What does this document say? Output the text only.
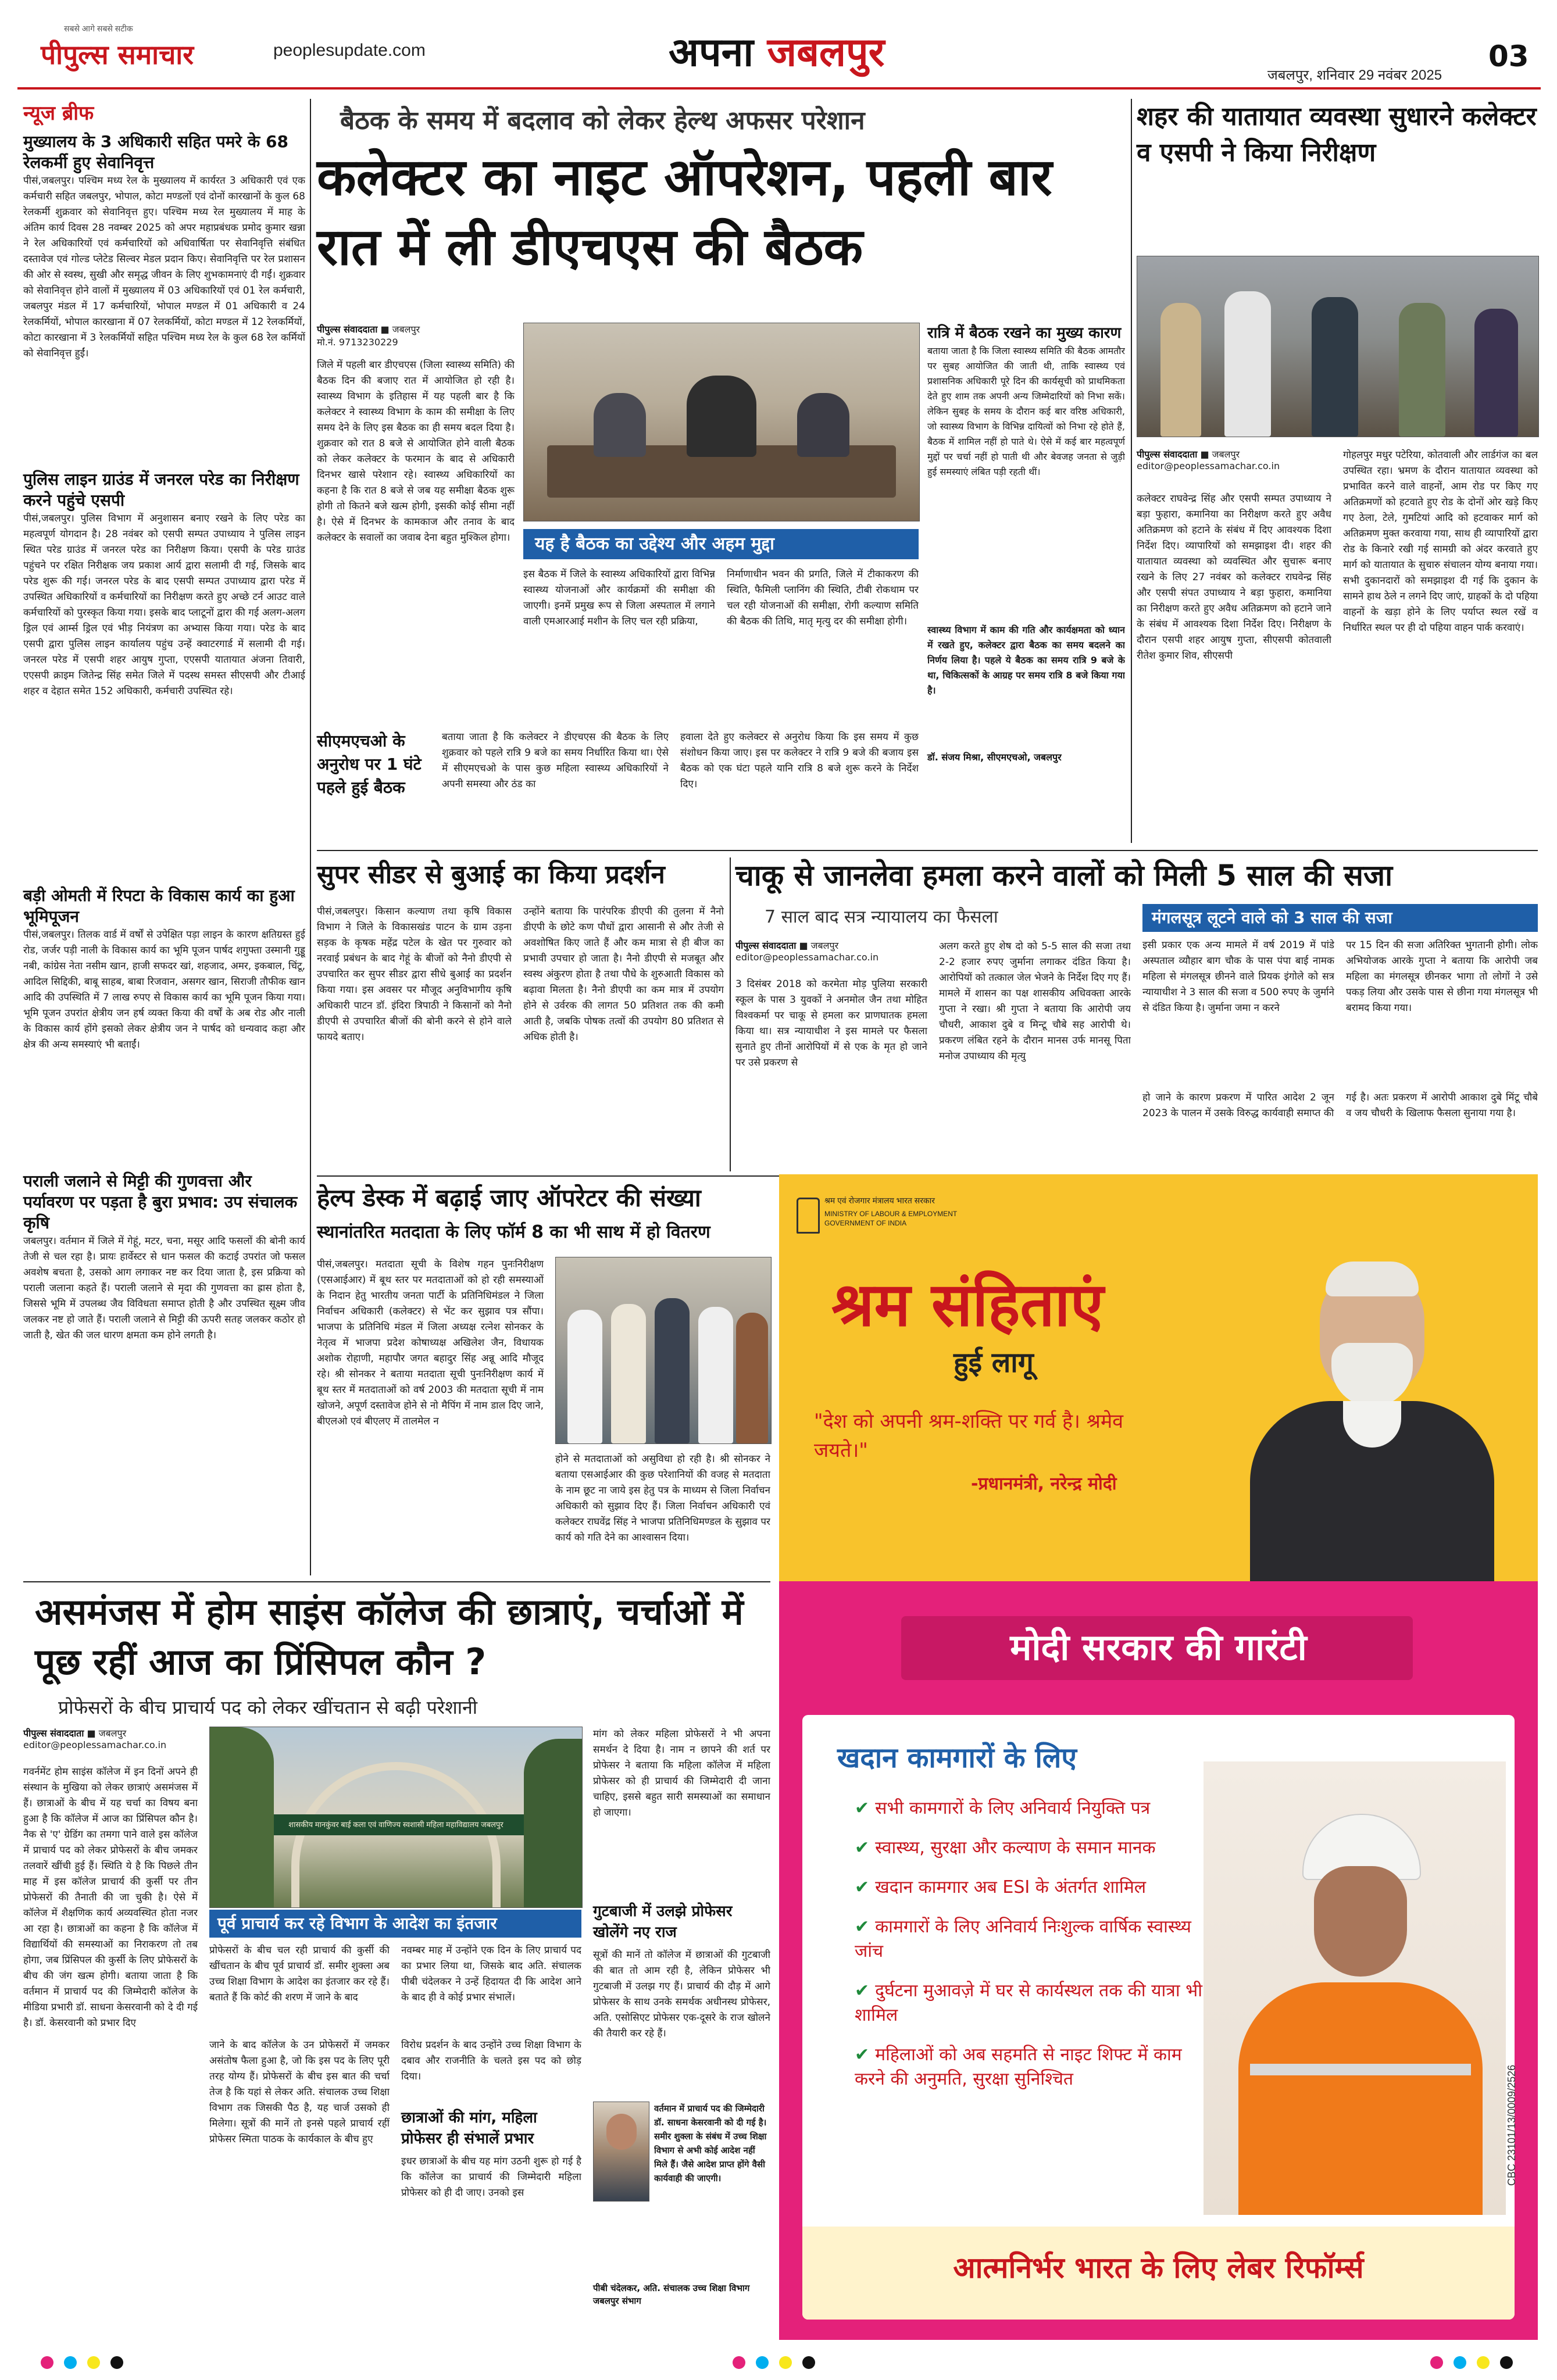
पीपुल्स समाचार
सबसे आगे सबसे सटीक
peoplesupdate.com	अपना जबलपुर	जबलपुर, शनिवार 29 नवंबर 2025
03
न्यूज ब्रीफ
मुख्यालय के 3 अधिकारी सहित पमरे के 68 रेलकर्मी हुए सेवानिवृत्त
पीसं,जबलपुर। पश्चिम मध्य रेल के मुख्यालय में कार्यरत 3 अधिकारी एवं एक कर्मचारी सहित जबलपुर, भोपाल, कोटा मण्डलों एवं दोनों कारखानों के कुल 68 रेलकर्मी शुक्रवार को सेवानिवृत्त हुए। पश्चिम मध्य रेल मुख्यालय में माह के अंतिम कार्य दिवस 28 नवम्बर 2025 को अपर महाप्रबंधक प्रमोद कुमार खन्ना ने रेल अधिकारियों एवं कर्मचारियों को अधिवार्षिता पर सेवानिवृत्ति संबंधित दस्तावेज एवं गोल्ड प्लेटेड सिल्वर मेडल प्रदान किए। सेवानिवृत्ति पर रेल प्रशासन की ओर से स्वस्थ, सुखी और समृद्ध जीवन के लिए शुभकामनाएं दी गईं। शुक्रवार को सेवानिवृत्त होने वालों में मुख्यालय में 03 अधिकारियों एवं 01 रेल कर्मचारी, जबलपुर मंडल में 17 कर्मचारियों, भोपाल मण्डल में 01 अधिकारी व 24 रेलकर्मियों, भोपाल कारखाना में 07 रेलकर्मियों, कोटा मण्डल में 12 रेलकर्मियों, कोटा कारखाना में 3 रेलकर्मियों सहित पश्चिम मध्य रेल के कुल 68 रेल कर्मियों को सेवानिवृत्त हुईं।
पुलिस लाइन ग्राउंड में जनरल परेड का निरीक्षण करने पहुंचे एसपी
पीसं,जबलपुर। पुलिस विभाग में अनुशासन बनाए रखने के लिए परेड का महत्वपूर्ण योगदान है। 28 नवंबर को एसपी सम्पत उपाध्याय ने पुलिस लाइन स्थित परेड ग्राउंड में जनरल परेड का निरीक्षण किया। एसपी के परेड ग्राउंड पहुंचने पर रक्षित निरीक्षक जय प्रकाश आर्य द्वारा सलामी दी गई, जिसके बाद परेड शुरू की गई। जनरल परेड के बाद एसपी सम्पत उपाध्याय द्वारा परेड में उपस्थित अधिकारियों व कर्मचारियों का निरीक्षण करते हुए अच्छे टर्न आउट वाले कर्मचारियों को पुरस्कृत किया गया। इसके बाद प्लाटूनों द्वारा की गई अलग-अलग ड्रिल एवं आर्म्स ड्रिल एवं भीड़ नियंत्रण का अभ्यास किया गया। परेड के बाद एसपी द्वारा पुलिस लाइन कार्यालय पहुंच उन्हें क्वाटरगार्ड में सलामी दी गई। जनरल परेड में एसपी शहर आयुष गुप्ता, एएसपी यातायात अंजना तिवारी, एएसपी क्राइम जितेन्द्र सिंह समेत जिले में पदस्थ समस्त सीएसपी और टीआई शहर व देहात समेत 152 अधिकारी, कर्मचारी उपस्थित रहे।
बड़ी ओमती में रिपटा के विकास कार्य का हुआ भूमिपूजन
पीसं,जबलपुर। तिलक वार्ड में वर्षों से उपेक्षित पड़ा लाइन के कारण क्षतिग्रस्त हुई रोड, जर्जर पड़ी नाली के विकास कार्य का भूमि पूजन पार्षद शगुफ्ता उस्मानी गुड्डू नबी, कांग्रेस नेता नसीम खान, हाजी सफदर खां, शहजाद, अमर, इकबाल, चिंटू, आदिल सिद्दिकी, बाबू साहब, बाबा रिजवान, असगर खान, सिराजी तौफीक खान आदि की उपस्थिति में 7 लाख रुपए से विकास कार्य का भूमि पूजन किया गया। भूमि पूजन उपरांत क्षेत्रीय जन हर्ष व्यक्त किया की वर्षों के अब रोड और नाली के विकास कार्य होंगे इसको लेकर क्षेत्रीय जन ने पार्षद को धन्यवाद कहा और क्षेत्र की अन्य समस्याएं भी बताईं।
पराली जलाने से मिट्टी की गुणवत्ता और पर्यावरण पर पड़ता है बुरा प्रभाव: उप संचालक कृषि
जबलपुर। वर्तमान में जिले में गेहूं, मटर, चना, मसूर आदि फसलों की बोनी कार्य तेजी से चल रहा है। प्रायः हार्वेस्टर से धान फसल की कटाई उपरांत जो फसल अवशेष बचता है, उसको आग लगाकर नष्ट कर दिया जाता है, इस प्रक्रिया को पराली जलाना कहते हैं। पराली जलाने से मृदा की गुणवत्ता का ह्रास होता है, जिससे भूमि में उपलब्ध जैव विविधता समाप्त होती है और उपस्थित सूक्ष्म जीव जलकर नष्ट हो जाते हैं। पराली जलाने से मिट्टी की ऊपरी सतह जलकर कठोर हो जाती है, खेत की जल धारण क्षमता कम होने लगती है।
बैठक के समय में बदलाव को लेकर हेल्थ अफसर परेशान
कलेक्टर का नाइट ऑपरेशन, पहली बार रात में ली डीएचएस की बैठक
पीपुल्स संवाददाता ■ जबलपुर
मो.नं. 9713230229
जिले में पहली बार डीएचएस (जिला स्वास्थ्य समिति) की बैठक दिन की बजाए रात में आयोजित हो रही है। स्वास्थ्य विभाग के इतिहास में यह पहली बार है कि कलेक्टर ने स्वास्थ्य विभाग के काम की समीक्षा के लिए समय देने के लिए इस बैठक का ही समय बदल दिया है। शुक्रवार को रात 8 बजे से आयोजित होने वाली बैठक को लेकर कलेक्टर के फरमान के बाद से अधिकारी दिनभर खासे परेशान रहे। स्वास्थ्य अधिकारियों का कहना है कि रात 8 बजे से जब यह समीक्षा बैठक शुरू होगी तो कितने बजे खत्म होगी, इसकी कोई सीमा नहीं है। ऐसे में दिनभर के कामकाज और तनाव के बाद कलेक्टर के सवालों का जवाब देना बहुत मुश्किल होगा।
रात्रि में बैठक रखने का मुख्य कारण
बताया जाता है कि जिला स्वास्थ्य समिति की बैठक आमतौर पर सुबह आयोजित की जाती थी, ताकि स्वास्थ्य एवं प्रशासनिक अधिकारी पूरे दिन की कार्यसूची को प्राथमिकता देते हुए शाम तक अपनी अन्य जिम्मेदारियों को निभा सकें। लेकिन सुबह के समय के दौरान कई बार वरिष्ठ अधिकारी, जो स्वास्थ्य विभाग के विभिन्न दायित्वों को निभा रहे होते हैं, बैठक में शामिल नहीं हो पाते थे। ऐसे में कई बार महत्वपूर्ण मुद्दों पर चर्चा नहीं हो पाती थी और बेवजह जनता से जुड़ी हुई समस्याएं लंबित पड़ी रहती थीं।
स्वास्थ्य विभाग में काम की गति और कार्यक्षमता को ध्यान में रखते हुए, कलेक्टर द्वारा बैठक का समय बदलने का निर्णय लिया है। पहले ये बैठक का समय रात्रि 9 बजे के था, चिकित्सकों के आग्रह पर समय रात्रि 8 बजे किया गया है।
डॉ. संजय मिश्रा, सीएमएचओ, जबलपुर
यह है बैठक का उद्देश्य और अहम मुद्दा
इस बैठक में जिले के स्वास्थ्य अधिकारियों द्वारा विभिन्न स्वास्थ्य योजनाओं और कार्यक्रमों की समीक्षा की जाएगी। इनमें प्रमुख रूप से जिला अस्पताल में लगाने वाली एमआरआई मशीन के लिए चल रही प्रक्रिया,
निर्माणाधीन भवन की प्रगति, जिले में टीकाकरण की स्थिति, फैमिली प्लानिंग की स्थिति, टीबी रोकथाम पर चल रही योजनाओं की समीक्षा, रोगी कल्याण समिति की बैठक की तिथि, मातृ मृत्यु दर की समीक्षा होगी।
सीएमएचओ के अनुरोध पर 1 घंटे पहले हुई बैठक
बताया जाता है कि कलेक्टर ने डीएचएस की बैठक के लिए शुक्रवार को पहले रात्रि 9 बजे का समय निर्धारित किया था। ऐसे में सीएमएचओ के पास कुछ महिला स्वास्थ्य अधिकारियों ने अपनी समस्या और ठंड का
हवाला देते हुए कलेक्टर से अनुरोध किया कि इस समय में कुछ संशोधन किया जाए। इस पर कलेक्टर ने रात्रि 9 बजे की बजाय इस बैठक को एक घंटा पहले यानि रात्रि 8 बजे शुरू करने के निर्देश दिए।
शहर की यातायात व्यवस्था सुधारने कलेक्टर व एसपी ने किया निरीक्षण
पीपुल्स संवाददाता ■ जबलपुर
editor@peoplessamachar.co.in
कलेक्टर राघवेन्द्र सिंह और एसपी सम्पत उपाध्याय ने बड़ा फुहारा, कमानिया का निरीक्षण करते हुए अवैध अतिक्रमण को हटाने के संबंध में दिए आवश्यक दिशा निर्देश दिए। व्यापारियों को समझाइश दी। शहर की यातायात व्यवस्था को व्यवस्थित और सुचारू बनाए रखने के लिए 27 नवंबर को कलेक्टर राघवेन्द्र सिंह और एसपी संपत उपाध्याय ने बड़ा फुहारा, कमानिया का निरीक्षण करते हुए अवैध अतिक्रमण को हटाने जाने के संबंध में आवश्यक दिशा निर्देश दिए। निरीक्षण के दौरान एसपी शहर आयुष गुप्ता, सीएसपी कोतवाली रीतेश कुमार शिव, सीएसपी
गोहलपुर मधुर पटेरिया, कोतवाली और लार्डगंज का बल उपस्थित रहा। भ्रमण के दौरान यातायात व्यवस्था को प्रभावित करने वाले वाहनों, आम रोड पर किए गए अतिक्रमणों को हटवाते हुए रोड के दोनों ओर खड़े किए गए ठेला, टेले, गुमटियां आदि को हटवाकर मार्ग को अतिक्रमण मुक्त करवाया गया, साथ ही व्यापारियों द्वारा रोड के किनारे रखी गई सामग्री को अंदर करवाते हुए मार्ग को यातायात के सुचारु संचालन योग्य बनाया गया। सभी दुकानदारों को समझाइश दी गई कि दुकान के सामने हाथ ठेले न लगने दिए जाएं, ग्राहकों के दो पहिया वाहनों के खड़ा होने के लिए पर्याप्त स्थल रखें व निर्धारित स्थल पर ही दो पहिया वाहन पार्क करवाएं।
सुपर सीडर से बुआई का किया प्रदर्शन
पीसं,जबलपुर। किसान कल्याण तथा कृषि विकास विभाग ने जिले के विकासखंड पाटन के ग्राम उड़ना सड़क के कृषक महेंद्र पटेल के खेत पर गुरुवार को नरवाई प्रबंधन के बाद गेहूं के बीजों को नैनो डीएपी से उपचारित कर सुपर सीडर द्वारा सीधे बुआई का प्रदर्शन किया गया। इस अवसर पर मौजूद अनुविभागीय कृषि अधिकारी पाटन डॉ. इंदिरा त्रिपाठी ने किसानों को नैनो डीएपी से उपचारित बीजों की बोनी करने से होने वाले फायदे बताए।
उन्होंने बताया कि पारंपरिक डीएपी की तुलना में नैनो डीएपी के छोटे कण पौधों द्वारा आसानी से और तेजी से अवशोषित किए जाते हैं और कम मात्रा से ही बीज का प्रभावी उपचार हो जाता है। नैनो डीएपी से मजबूत और स्वस्थ अंकुरण होता है तथा पौधे के शुरुआती विकास को बढ़ावा मिलता है। नैनो डीएपी का कम मात्र में उपयोग होने से उर्वरक की लागत 50 प्रतिशत तक की कमी आती है, जबकि पोषक तत्वों की उपयोग 80 प्रतिशत से अधिक होती है।
चाकू से जानलेवा हमला करने वालों को मिली 5 साल की सजा
7 साल बाद सत्र न्यायालय का फैसला
पीपुल्स संवाददाता ■ जबलपुर
editor@peoplessamachar.co.in
3 दिसंबर 2018 को करमेता मोड़ पुलिया सरकारी स्कूल के पास 3 युवकों ने अनमोल जैन तथा मोहित विश्वकर्मा पर चाकू से हमला कर प्राणघातक हमला किया था। सत्र न्यायाधीश ने इस मामले पर फैसला सुनाते हुए तीनों आरोपियों में से एक के मृत हो जाने पर उसे प्रकरण से
अलग करते हुए शेष दो को 5-5 साल की सजा तथा 2-2 हजार रुपए जुर्माना लगाकर दंडित किया है। आरोपियों को तत्काल जेल भेजने के निर्देश दिए गए हैं। मामले में शासन का पक्ष शासकीय अधिवक्ता आरके गुप्ता ने रखा। श्री गुप्ता ने बताया कि आरोपी जय चौधरी, आकाश दुबे व मिन्टू चौबे सह आरोपी थे। प्रकरण लंबित रहने के दौरान मानस उर्फ मानसू पिता मनोज उपाध्याय की मृत्यु
मंगलसूत्र लूटने वाले को 3 साल की सजा
इसी प्रकार एक अन्य मामले में वर्ष 2019 में पांडे अस्पताल व्यौहार बाग चौक के पास पंपा बाई नामक महिला से मंगलसूत्र छीनने वाले प्रियक इंगोले को सत्र न्यायाधीश ने 3 साल की सजा व 500 रुपए के जुर्माने से दंडित किया है। जुर्माना जमा न करने
पर 15 दिन की सजा अतिरिक्त भुगतानी होगी। लोक अभियोजक आरके गुप्ता ने बताया कि आरोपी जब महिला का मंगलसूत्र छीनकर भागा तो लोगों ने उसे पकड़ लिया और उसके पास से छीना गया मंगलसूत्र भी बरामद किया गया।
हो जाने के कारण प्रकरण में पारित आदेश 2 जून 2023 के पालन में उसके विरुद्ध कार्यवाही समाप्त की
गई है। अतः प्रकरण में आरोपी आकाश दुबे मिंटू चौबे व जय चौधरी के खिलाफ फैसला सुनाया गया है।
हेल्प डेस्क में बढ़ाई जाए ऑपरेटर की संख्या
स्थानांतरित मतदाता के लिए फॉर्म 8 का भी साथ में हो वितरण
पीसं,जबलपुर। मतदाता सूची के विशेष गहन पुनःनिरीक्षण (एसआईआर) में बूथ स्तर पर मतदाताओं को हो रही समस्याओं के निदान हेतु भारतीय जनता पार्टी के प्रतिनिधिमंडल ने जिला निर्वाचन अधिकारी (कलेक्टर) से भेंट कर सुझाव पत्र सौंपा। भाजपा के प्रतिनिधि मंडल में जिला अध्यक्ष रत्नेश सोनकर के नेतृत्व में भाजपा प्रदेश कोषाध्यक्ष अखिलेश जैन, विधायक अशोक रोहाणी, महापौर जगत बहादुर सिंह अन्नू आदि मौजूद रहे। श्री सोनकर ने बताया मतदाता सूची पुनःनिरीक्षण कार्य में बूथ स्तर में मतदाताओं को वर्ष 2003 की मतदाता सूची में नाम खोजने, अपूर्ण दस्तावेज होने से नो मैपिंग में नाम डाल दिए जाने, बीएलओ एवं बीएलए में तालमेल न
होने से मतदाताओं को असुविधा हो रही है। श्री सोनकर ने बताया एसआईआर की कुछ परेशानियों की वजह से मतदाता के नाम छूट ना जाये इस हेतु पत्र के माध्यम से जिला निर्वाचन अधिकारी को सुझाव दिए हैं। जिला निर्वाचन अधिकारी एवं कलेक्टर राघवेंद्र सिंह ने भाजपा प्रतिनिधिमण्डल के सुझाव पर कार्य को गति देने का आश्वासन दिया।
श्रम एवं रोजगार मंत्रालय भारत सरकार
MINISTRY OF LABOUR & EMPLOYMENT GOVERNMENT OF INDIA
श्रम संहिताएं
हुई लागू
"देश को अपनी श्रम-शक्ति पर गर्व है। श्रमेव जयते।"
-प्रधानमंत्री, नरेन्द्र मोदी
मोदी सरकार की गारंटी
खदान कामगारों के लिए
✔ सभी कामगारों के लिए अनिवार्य नियुक्ति पत्र
✔ स्वास्थ्य, सुरक्षा और कल्याण के समान मानक
✔ खदान कामगार अब ESI के अंतर्गत शामिल
✔ कामगारों के लिए अनिवार्य निःशुल्क वार्षिक स्वास्थ्य जांच
✔ दुर्घटना मुआवज़े में घर से कार्यस्थल तक की यात्रा भी शामिल
✔ महिलाओं को अब सहमति से नाइट शिफ्ट में काम करने की अनुमति, सुरक्षा सुनिश्चित
आत्मनिर्भर भारत के लिए लेबर रिफॉर्म्स
CBC 23101/13/0009/2526
असमंजस में होम साइंस कॉलेज की छात्राएं, चर्चाओं में पूछ रहीं आज का प्रिंसिपल कौन ?
प्रोफेसरों के बीच प्राचार्य पद को लेकर खींचतान से बढ़ी परेशानी
पीपुल्स संवाददाता ■ जबलपुर
editor@peoplessamachar.co.in
गवर्नमेंट होम साइंस कॉलेज में इन दिनों अपने ही संस्थान के मुखिया को लेकर छात्राएं असमंजस में हैं। छात्राओं के बीच में यह चर्चा का विषय बना हुआ है कि कॉलेज में आज का प्रिंसिपल कौन है। नैक से 'ए' ग्रेडिंग का तमगा पाने वाले इस कॉलेज में प्राचार्य पद को लेकर प्रोफेसरों के बीच जमकर तलवारें खींची हुई हैं। स्थिति ये है कि पिछले तीन माह में इस कॉलेज प्राचार्य की कुर्सी पर तीन प्रोफेसरों की तैनाती की जा चुकी है। ऐसे में कॉलेज में शैक्षणिक कार्य अव्यवस्थित होता नजर आ रहा है। छात्राओं का कहना है कि कॉलेज में विद्यार्थियों की समस्याओं का निराकरण तो तब होगा, जब प्रिंसिपल की कुर्सी के लिए प्रोफेसरों के बीच की जंग खत्म होगी। बताया जाता है कि वर्तमान में प्राचार्य पद की जिम्मेदारी कॉलेज के मीडिया प्रभारी डॉ. साधना केसरवानी को दे दी गई है। डॉ. केसरवानी को प्रभार दिए
शासकीय मानकुंवर बाई कला एवं वाणिज्य स्वशासी महिला महाविद्यालय जबलपुर
पूर्व प्राचार्य कर रहे विभाग के आदेश का इंतजार
प्रोफेसरों के बीच चल रही प्राचार्य की कुर्सी की खींचतान के बीच पूर्व प्राचार्य डॉ. समीर शुक्ला अब उच्च शिक्षा विभाग के आदेश का इंतजार कर रहे हैं। बताते हैं कि कोर्ट की शरण में जाने के बाद
नवम्बर माह में उन्होंने एक दिन के लिए प्राचार्य पद का प्रभार लिया था, जिसके बाद अति. संचालक पीबी चंदेलकर ने उन्हें हिदायत दी कि आदेश आने के बाद ही वे कोई प्रभार संभालें।
जाने के बाद कॉलेज के उन प्रोफेसरों में जमकर असंतोष फैला हुआ है, जो कि इस पद के लिए पूरी तरह योग्य हैं। प्रोफेसरों के बीच इस बात की चर्चा तेज है कि यहां से लेकर अति. संचालक उच्च शिक्षा विभाग तक जिसकी पैठ है, यह चार्ज उसको ही मिलेगा। सूत्रों की मानें तो इनसे पहले प्राचार्य रहीं प्रोफेसर स्मिता पाठक के कार्यकाल के बीच हुए
विरोध प्रदर्शन के बाद उन्होंने उच्च शिक्षा विभाग के दबाव और राजनीति के चलते इस पद को छोड़ दिया।
छात्राओं की मांग, महिला प्रोफेसर ही संभालें प्रभार
इधर छात्राओं के बीच यह मांग उठनी शुरू हो गई है कि कॉलेज का प्राचार्य की जिम्मेदारी महिला प्रोफेसर को ही दी जाए। उनको इस
मांग को लेकर महिला प्रोफेसरों ने भी अपना समर्थन दे दिया है। नाम न छापने की शर्त पर प्रोफेसर ने बताया कि महिला कॉलेज में महिला प्रोफेसर को ही प्राचार्य की जिम्मेदारी दी जाना चाहिए, इससे बहुत सारी समस्याओं का समाधान हो जाएगा।
गुटबाजी में उलझे प्रोफेसर खोलेंगे नए राज
सूत्रों की मानें तो कॉलेज में छात्राओं की गुटबाजी की बात तो आम रही है, लेकिन प्रोफेसर भी गुटबाजी में उलझ गए हैं। प्राचार्य की दौड़ में आगे प्रोफेसर के साथ उनके समर्थक अधीनस्थ प्रोफेसर, अति. एसोसिएट प्रोफेसर एक-दूसरे के राज खोलने की तैयारी कर रहे हैं।
वर्तमान में प्राचार्य पद की जिम्मेदारी डॉ. साधना केसरवानी को दी गई है। समीर शुक्ला के संबंध में उच्च शिक्षा विभाग से अभी कोई आदेश नहीं मिले हैं। जैसे आदेश प्राप्त होंगे वैसी कार्यवाही की जाएगी।
पीबी चंदेलकर, अति. संचालक उच्च शिक्षा विभाग जबलपुर संभाग
